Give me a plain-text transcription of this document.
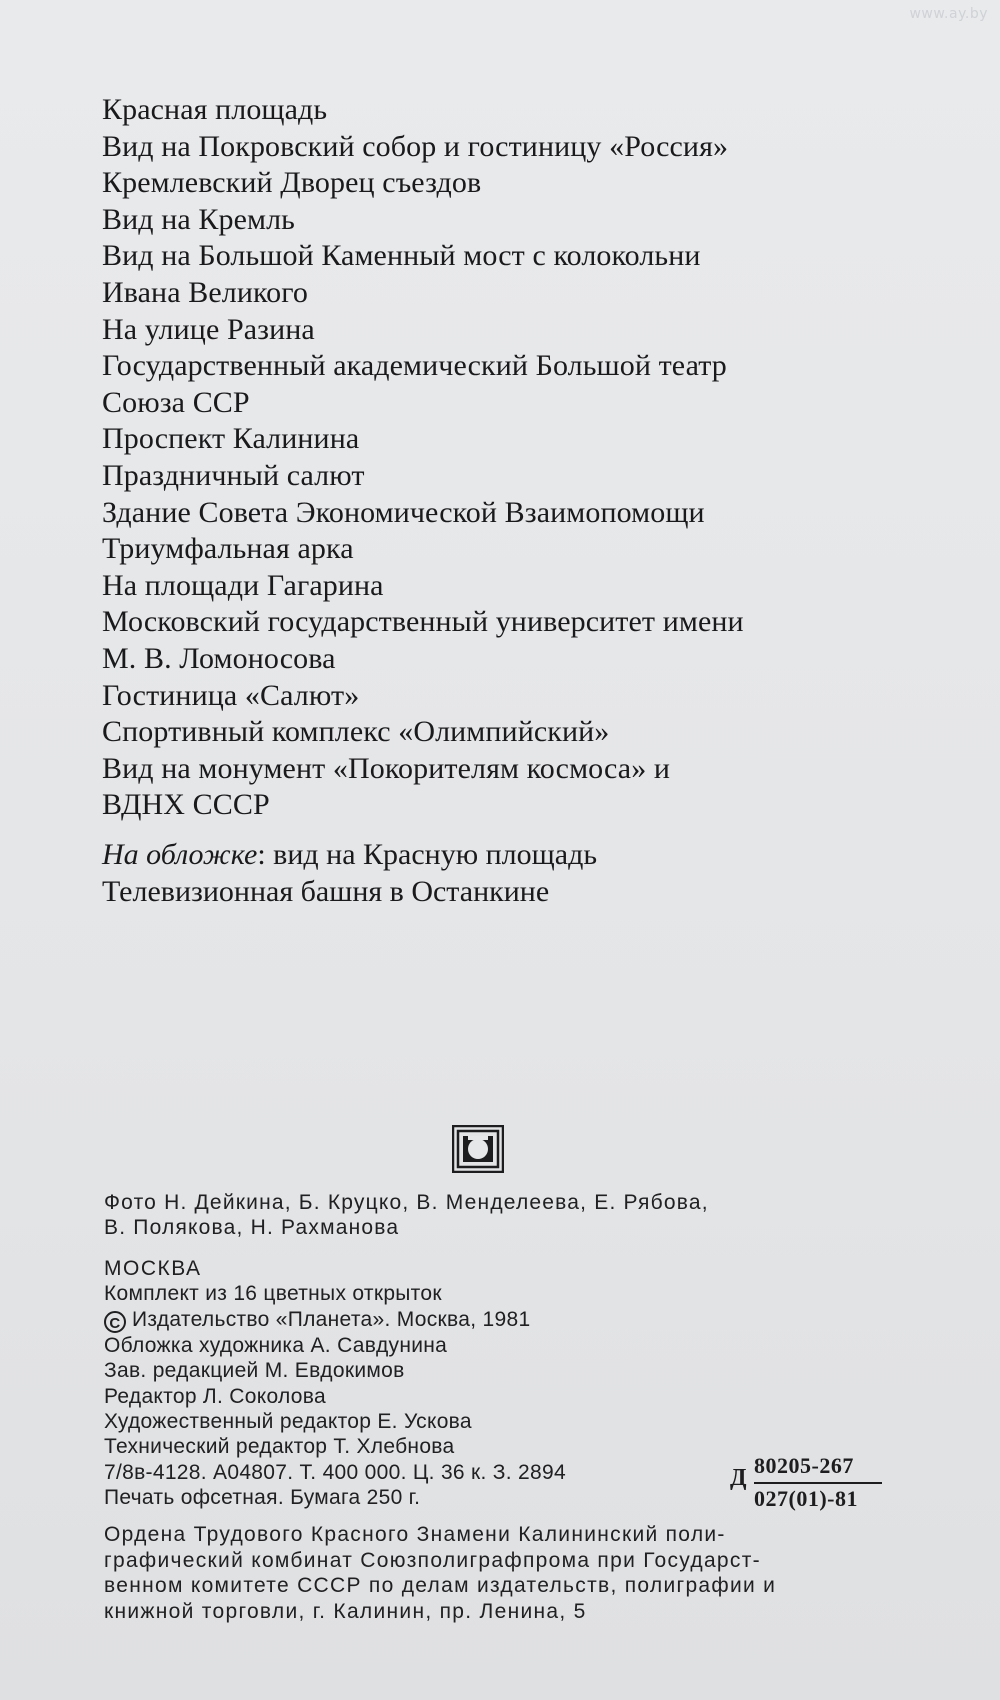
www.ay.by
Красная площадь
Вид на Покровский собор и гостиницу «Россия»
Кремлевский Дворец съездов
Вид на Кремль
Вид на Большой Каменный мост с колокольни
Ивана Великого
На улице Разина
Государственный академический Большой театр
Союза ССР
Проспект Калинина
Праздничный салют
Здание Совета Экономической Взаимопомощи
Триумфальная арка
На площади Гагарина
Московский государственный университет имени
М. В. Ломоносова
Гостиница «Салют»
Спортивный комплекс «Олимпийский»
Вид на монумент «Покорителям космоса» и
ВДНХ СССР
На обложке: вид на Красную площадь
Телевизионная башня в Останкине
Фото Н. Дейкина, Б. Круцко, В. Менделеева, Е. Рябова,
В. Полякова, Н. Рахманова
МОСКВА
Комплект из 16 цветных открыток
C Издательство «Планета». Москва, 1981
Обложка художника А. Савдунина
Зав. редакцией М. Евдокимов
Редактор Л. Соколова
Художественный редактор Е. Ускова
Технический редактор Т. Хлебнова
7/8в-4128. А04807. Т. 400 000. Ц. 36 к. З. 2894
Печать офсетная. Бумага 250 г.
Д 80205-267
027(01)-81
Ордена Трудового Красного Знамени Калининский поли-
графический комбинат Союзполиграфпрома при Государст-
венном комитете СССР по делам издательств, полиграфии и
книжной торговли, г. Калинин, пр. Ленина, 5
